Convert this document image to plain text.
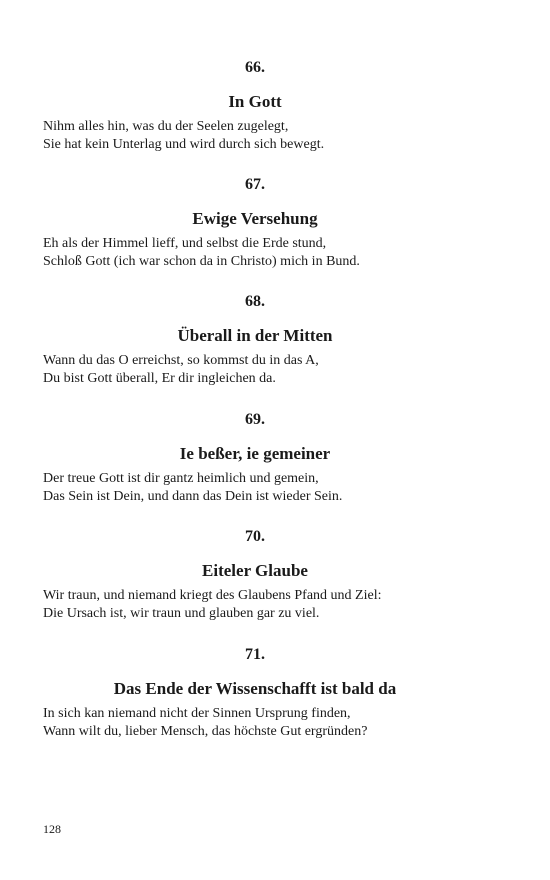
66.
In Gott
Nihm alles hin, was du der Seelen zugelegt,
Sie hat kein Unterlag und wird durch sich bewegt.
67.
Ewige Versehung
Eh als der Himmel lieff, und selbst die Erde stund,
Schloß Gott (ich war schon da in Christo) mich in Bund.
68.
Überall in der Mitten
Wann du das O erreichst, so kommst du in das A,
Du bist Gott überall, Er dir ingleichen da.
69.
Ie beßer, ie gemeiner
Der treue Gott ist dir gantz heimlich und gemein,
Das Sein ist Dein, und dann das Dein ist wieder Sein.
70.
Eiteler Glaube
Wir traun, und niemand kriegt des Glaubens Pfand und Ziel:
Die Ursach ist, wir traun und glauben gar zu viel.
71.
Das Ende der Wissenschafft ist bald da
In sich kan niemand nicht der Sinnen Ursprung finden,
Wann wilt du, lieber Mensch, das höchste Gut ergründen?
128
